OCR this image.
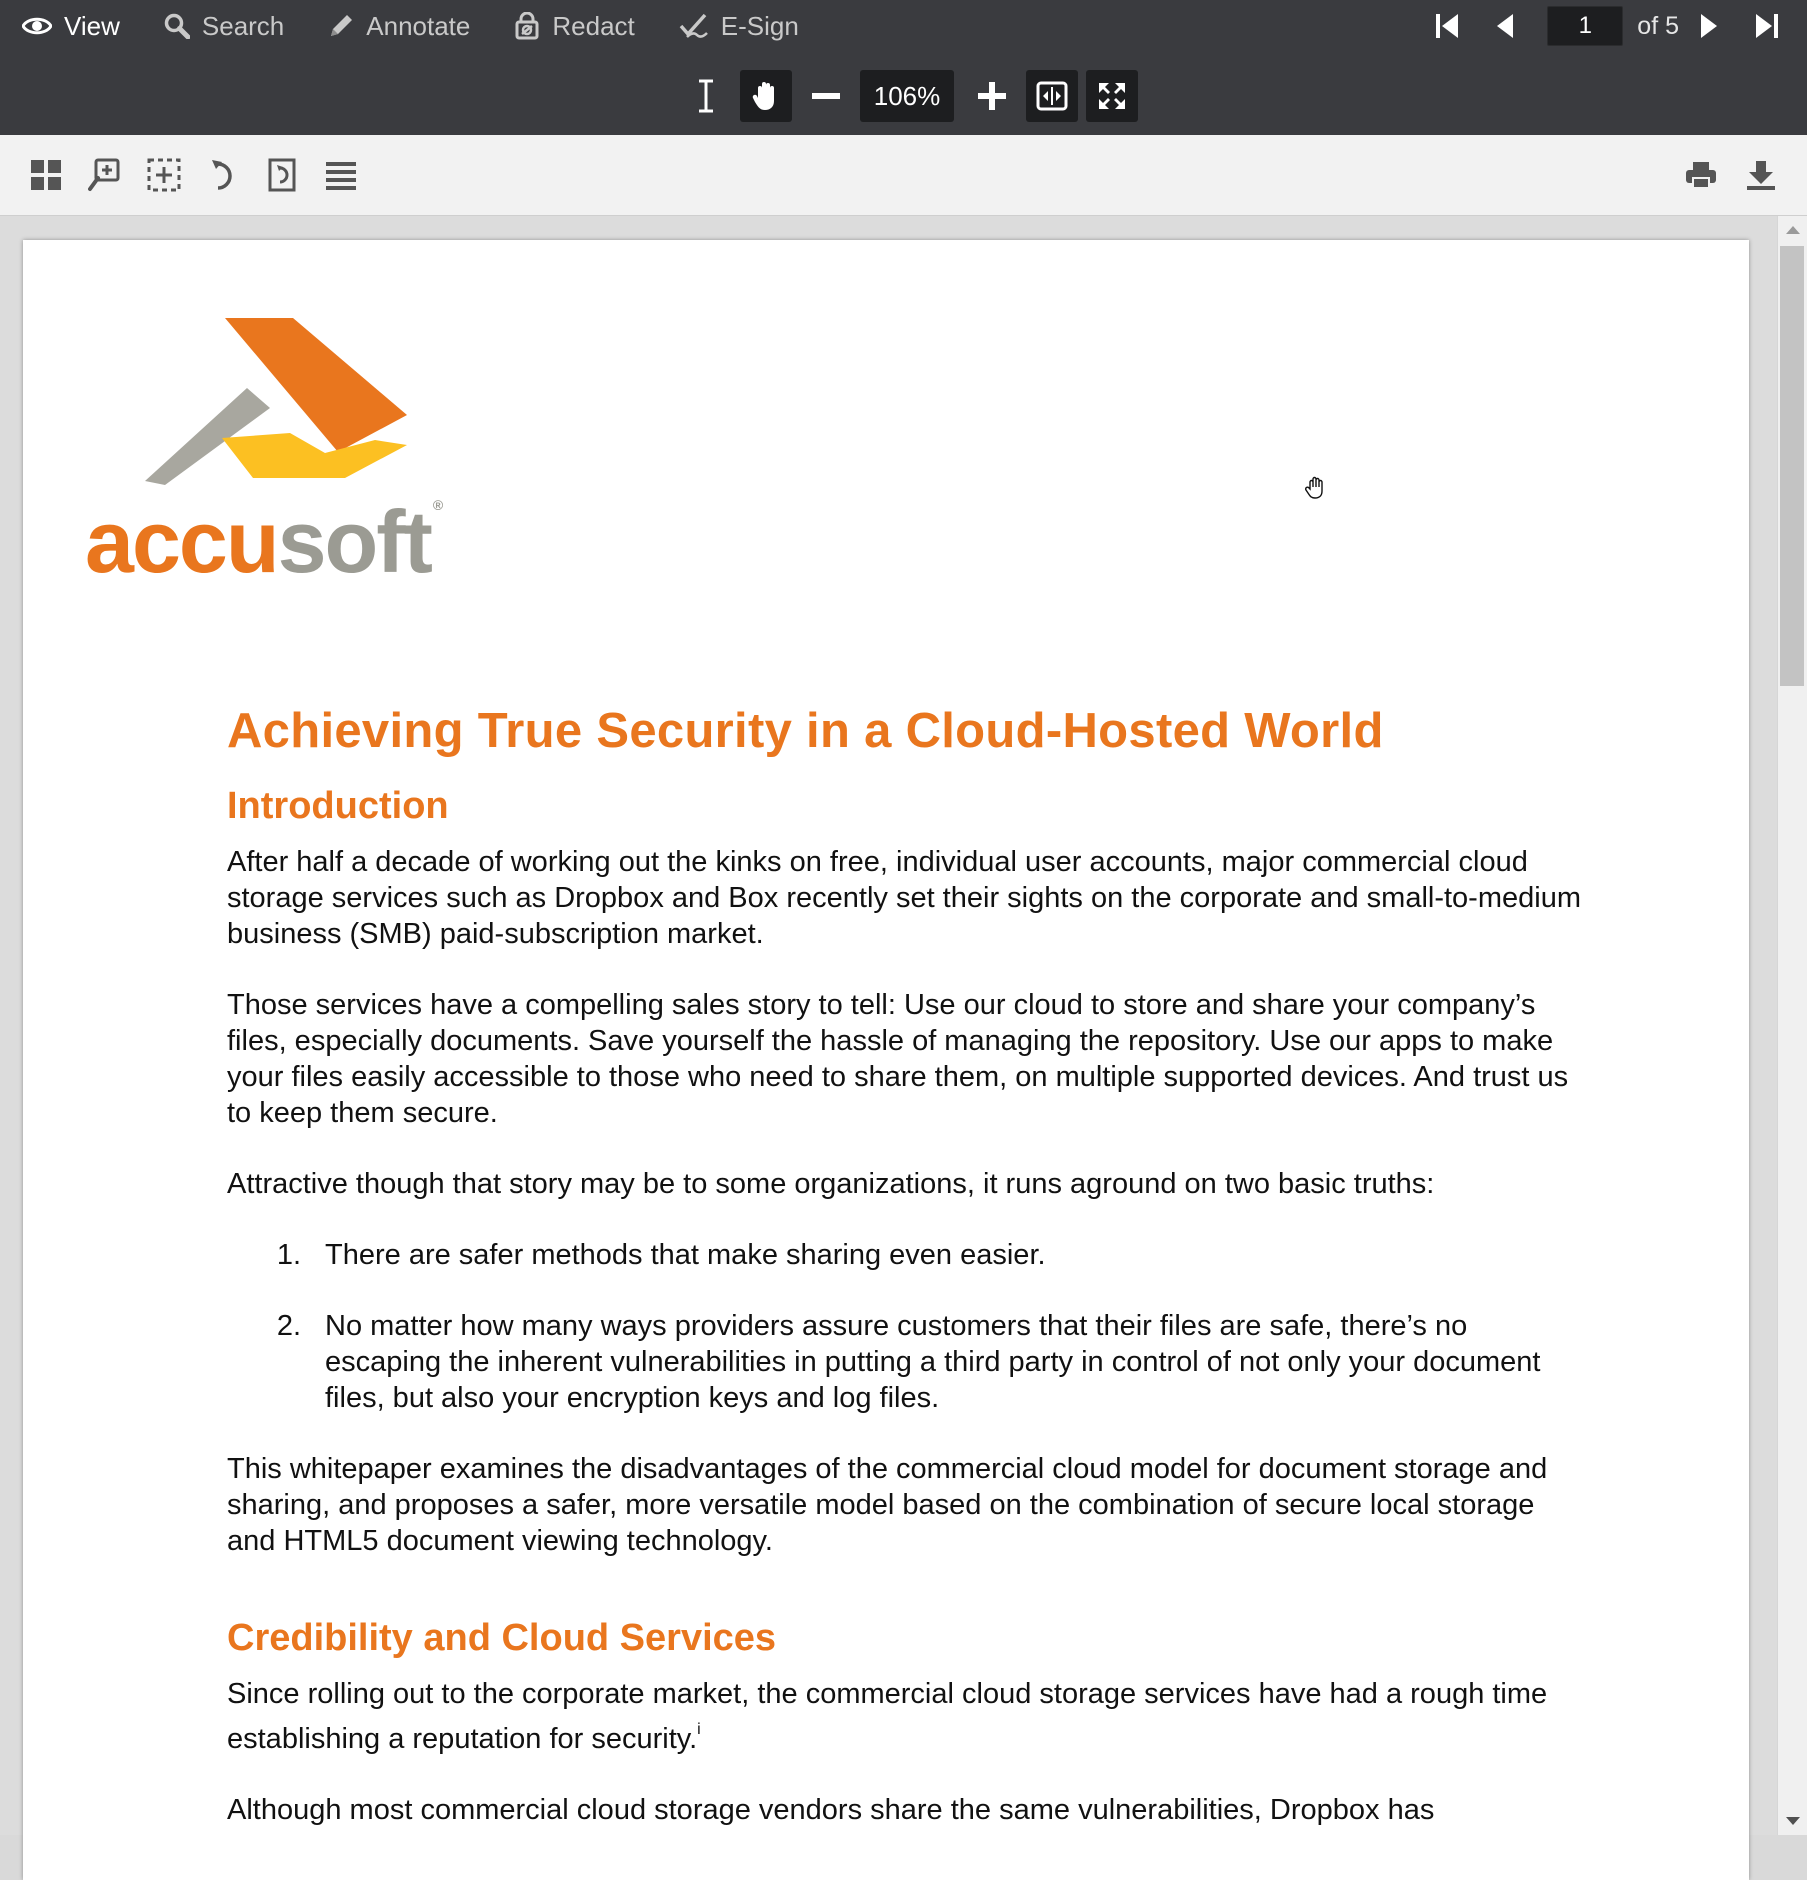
View	Search	Annotate	Redact	E-Sign
1	of 5
106%
accusoft ®
Achieving True Security in a Cloud-Hosted World
Introduction

After half a decade of working out the kinks on free, individual user accounts, major commercial cloud storage services such as Dropbox and Box recently set their sights on the corporate and small-to-medium business (SMB) paid-subscription market.

Those services have a compelling sales story to tell: Use our cloud to store and share your company’s files, especially documents. Save yourself the hassle of managing the repository. Use our apps to make your files easily accessible to those who need to share them, on multiple supported devices. And trust us to keep them secure.

Attractive though that story may be to some organizations, it runs aground on two basic truths:

1. There are safer methods that make sharing even easier.
2. No matter how many ways providers assure customers that their files are safe, there’s no escaping the inherent vulnerabilities in putting a third party in control of not only your document files, but also your encryption keys and log files.

This whitepaper examines the disadvantages of the commercial cloud model for document storage and sharing, and proposes a safer, more versatile model based on the combination of secure local storage and HTML5 document viewing technology.

Credibility and Cloud Services

Since rolling out to the corporate market, the commercial cloud storage services have had a rough time establishing a reputation for security.$^i$

Although most commercial cloud storage vendors share the same vulnerabilities, Dropbox has
